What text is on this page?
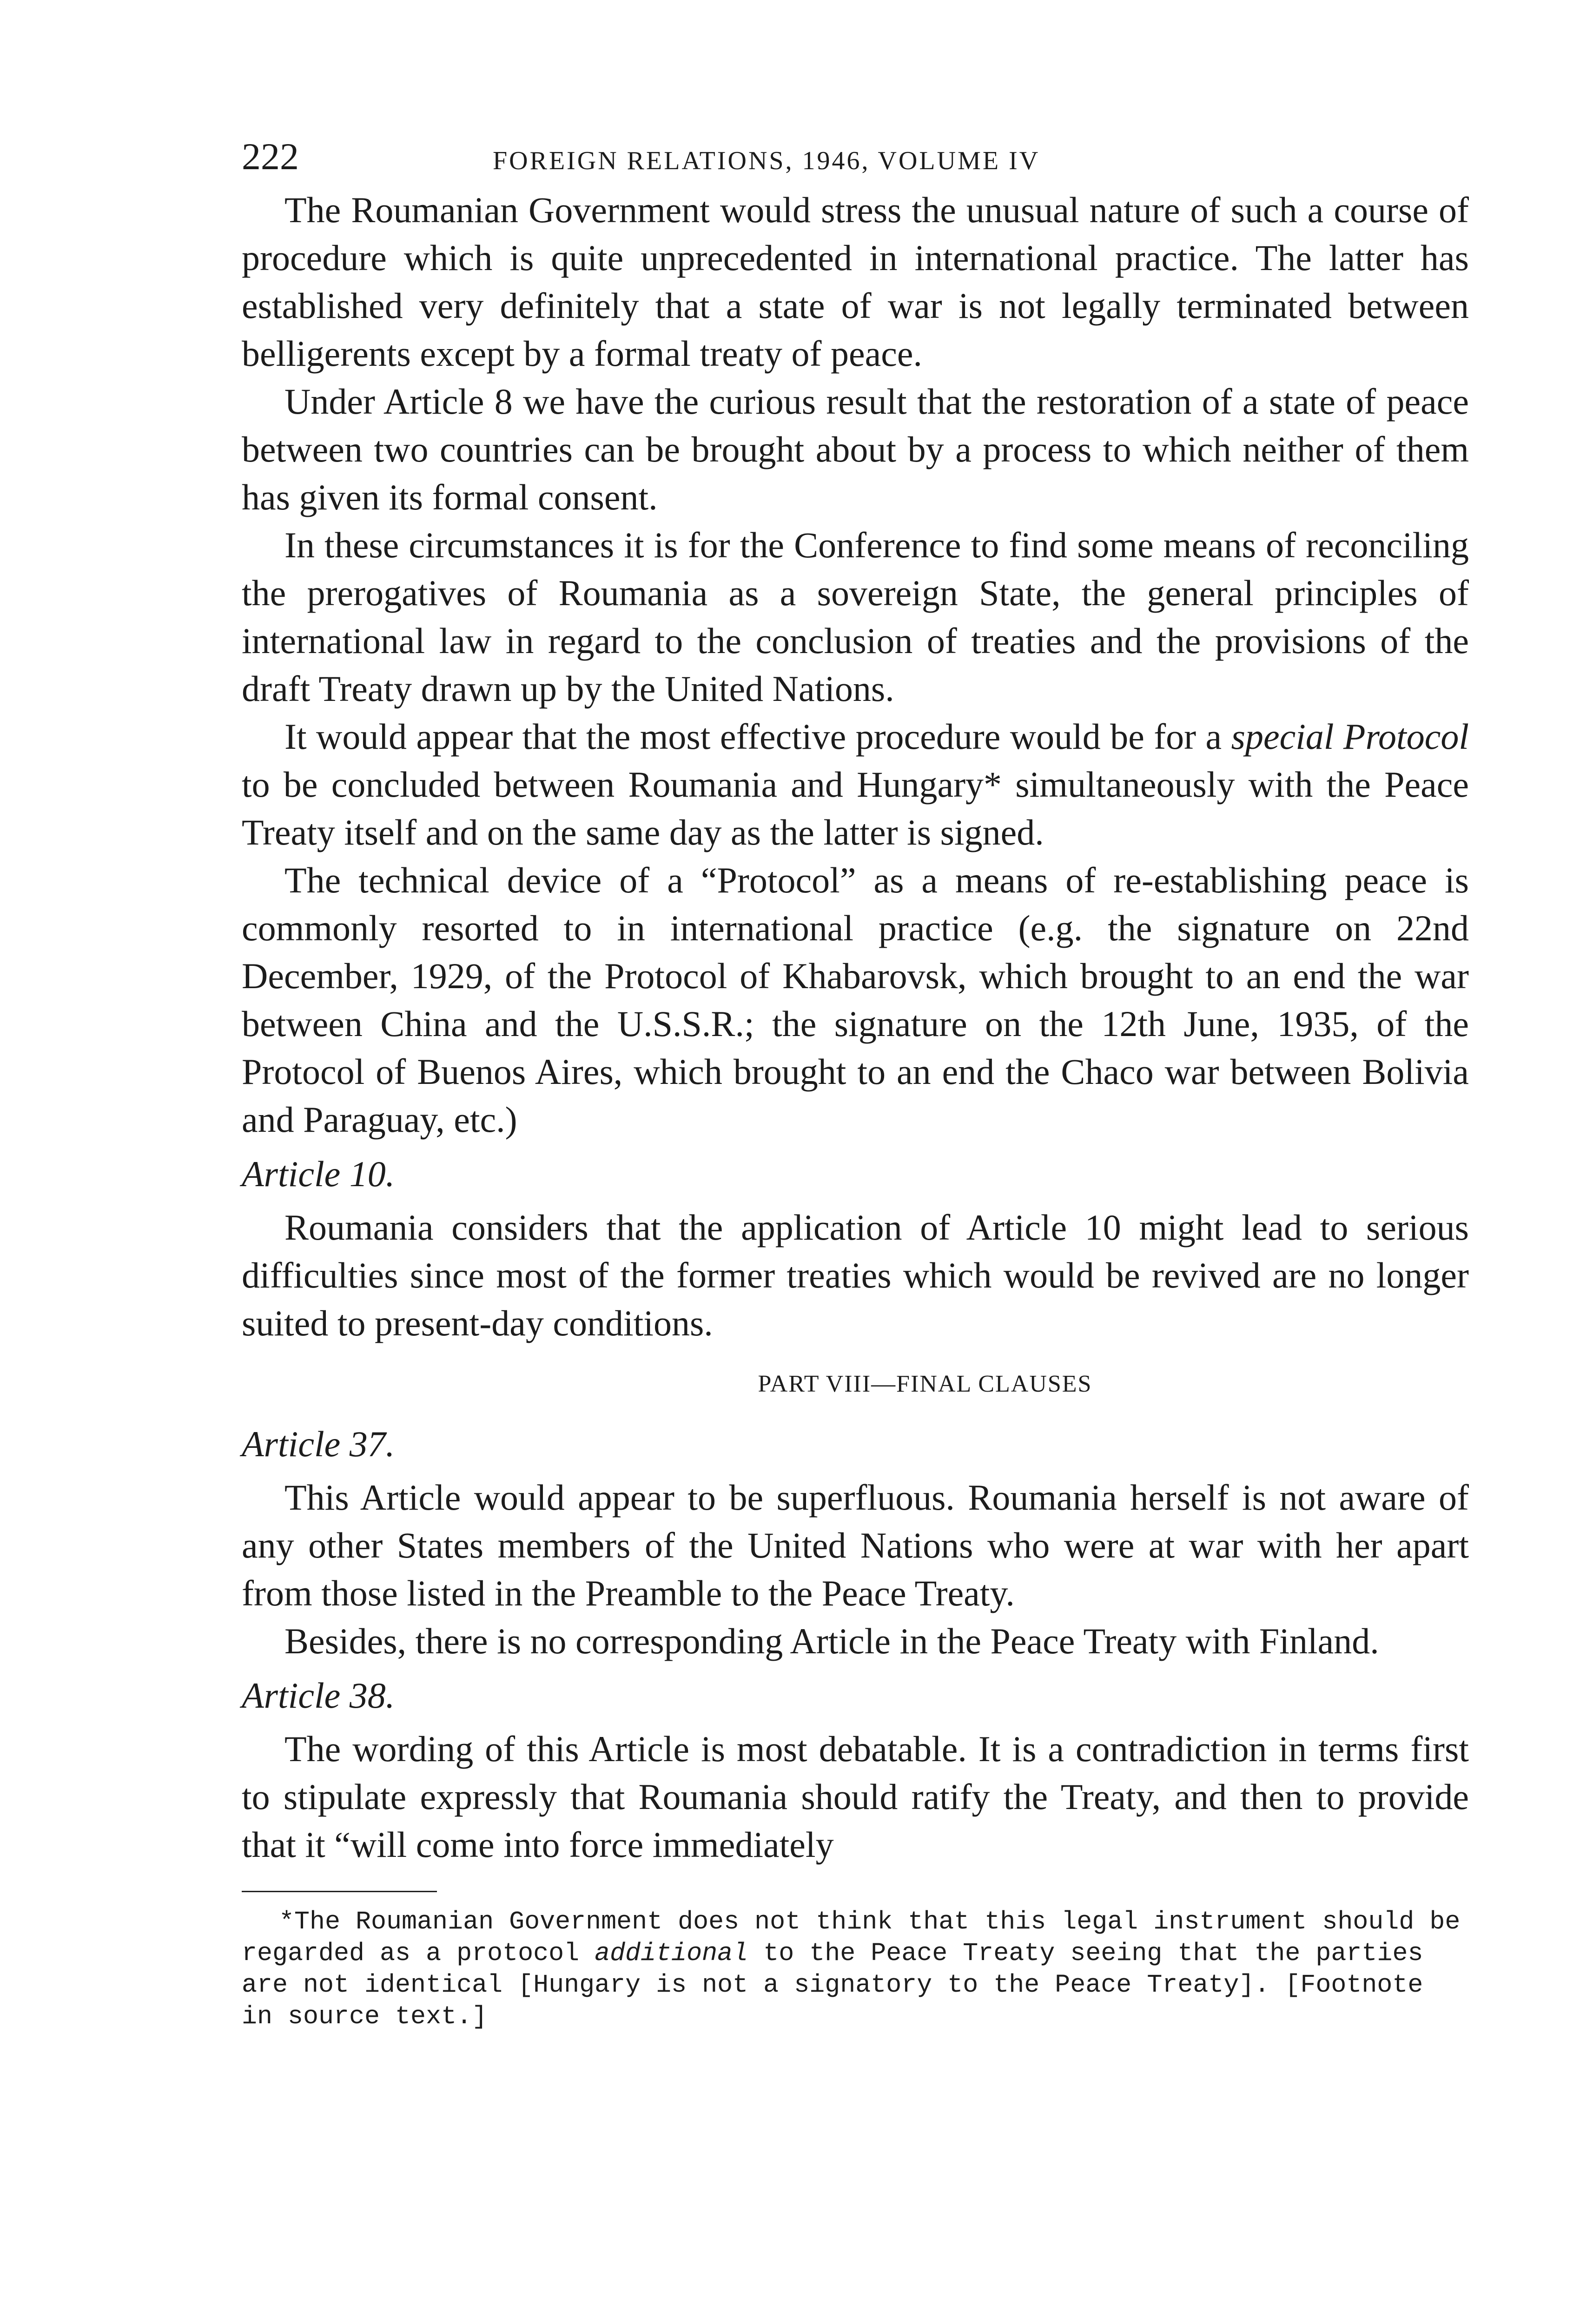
222	FOREIGN RELATIONS, 1946, VOLUME IV

The Roumanian Government would stress the unusual nature of such a course of procedure which is quite unprecedented in international practice. The latter has established very definitely that a state of war is not legally terminated between belligerents except by a formal treaty of peace.

Under Article 8 we have the curious result that the restoration of a state of peace between two countries can be brought about by a process to which neither of them has given its formal consent.

In these circumstances it is for the Conference to find some means of reconciling the prerogatives of Roumania as a sovereign State, the general principles of international law in regard to the conclusion of treaties and the provisions of the draft Treaty drawn up by the United Nations.

It would appear that the most effective procedure would be for a special Protocol to be concluded between Roumania and Hungary* simultaneously with the Peace Treaty itself and on the same day as the latter is signed.

The technical device of a “Protocol” as a means of re-establishing peace is commonly resorted to in international practice (e.g. the signature on 22nd December, 1929, of the Protocol of Khabarovsk, which brought to an end the war between China and the U.S.S.R.; the signature on the 12th June, 1935, of the Protocol of Buenos Aires, which brought to an end the Chaco war between Bolivia and Paraguay, etc.)

Article 10.

Roumania considers that the application of Article 10 might lead to serious difficulties since most of the former treaties which would be revived are no longer suited to present-day conditions.

PART VIII—FINAL CLAUSES
Article 37.

This Article would appear to be superfluous. Roumania herself is not aware of any other States members of the United Nations who were at war with her apart from those listed in the Preamble to the Peace Treaty.

Besides, there is no corresponding Article in the Peace Treaty with Finland.

Article 38.

The wording of this Article is most debatable. It is a contradiction in terms first to stipulate expressly that Roumania should ratify the Treaty, and then to provide that it “will come into force immediately

*The Roumanian Government does not think that this legal instrument should be regarded as a protocol additional to the Peace Treaty seeing that the parties are not identical [Hungary is not a signatory to the Peace Treaty]. [Footnote in source text.]
